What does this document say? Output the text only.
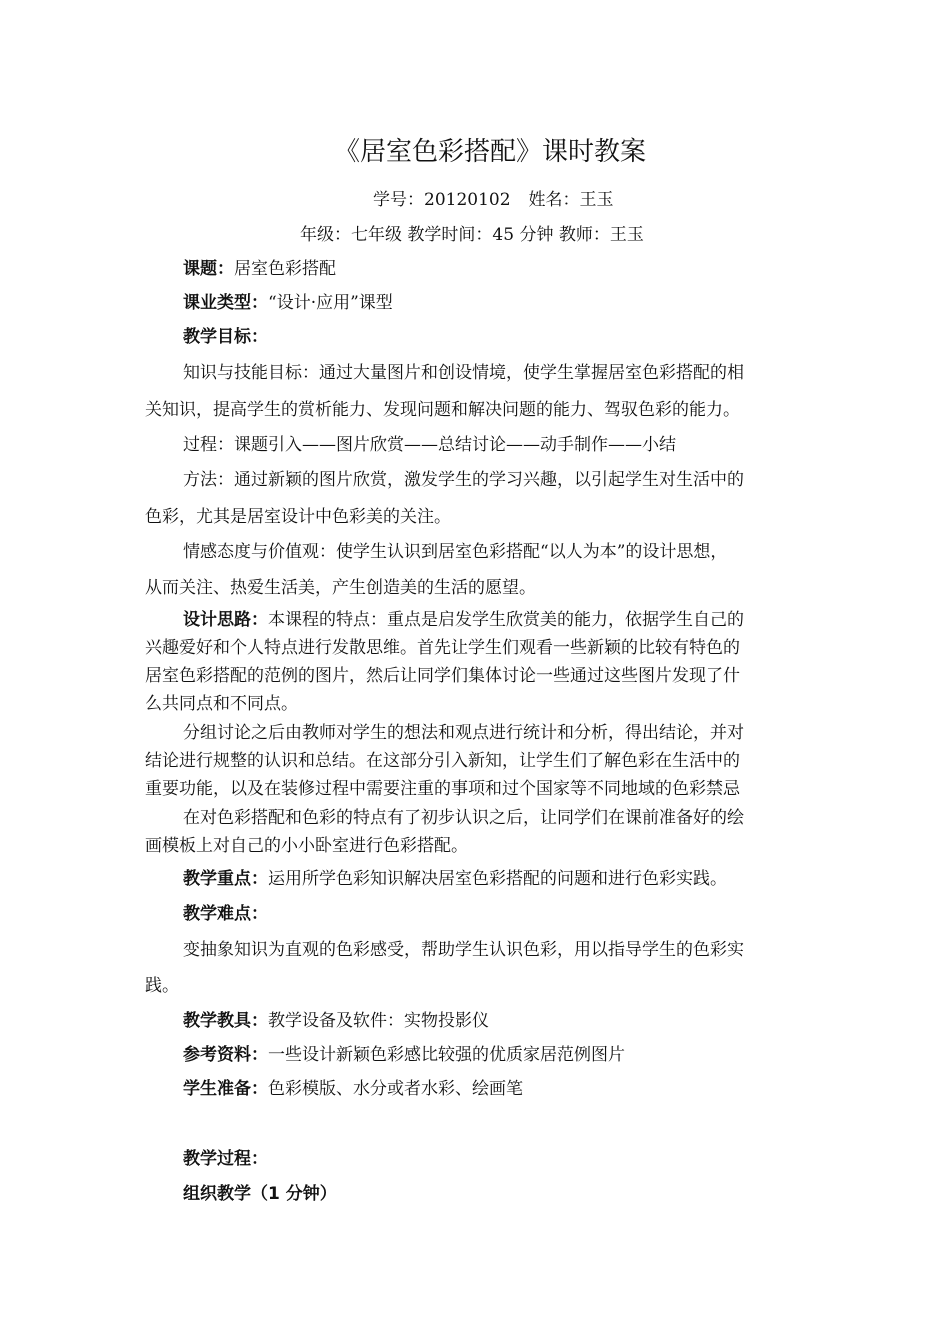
《居室色彩搭配》课时教案
学号：20120102 姓名：王玉
年级：七年级 教学时间：45 分钟 教师：王玉
课题：居室色彩搭配
课业类型：“设计·应用”课型
教学目标：
知识与技能目标：通过大量图片和创设情境，使学生掌握居室色彩搭配的相
关知识，提高学生的赏析能力、发现问题和解决问题的能力、驾驭色彩的能力。
过程：课题引入——图片欣赏——总结讨论——动手制作——小结
方法：通过新颖的图片欣赏，激发学生的学习兴趣，以引起学生对生活中的
色彩，尤其是居室设计中色彩美的关注。
情感态度与价值观：使学生认识到居室色彩搭配“以人为本”的设计思想，
从而关注、热爱生活美，产生创造美的生活的愿望。
设计思路：本课程的特点：重点是启发学生欣赏美的能力，依据学生自己的
兴趣爱好和个人特点进行发散思维。首先让学生们观看一些新颖的比较有特色的
居室色彩搭配的范例的图片，然后让同学们集体讨论一些通过这些图片发现了什
么共同点和不同点。
分组讨论之后由教师对学生的想法和观点进行统计和分析，得出结论，并对
结论进行规整的认识和总结。在这部分引入新知，让学生们了解色彩在生活中的
重要功能，以及在装修过程中需要注重的事项和过个国家等不同地域的色彩禁忌
在对色彩搭配和色彩的特点有了初步认识之后，让同学们在课前准备好的绘
画模板上对自己的小小卧室进行色彩搭配。
教学重点：运用所学色彩知识解决居室色彩搭配的问题和进行色彩实践。
教学难点：
变抽象知识为直观的色彩感受，帮助学生认识色彩，用以指导学生的色彩实
践。
教学教具：教学设备及软件：实物投影仪
参考资料：一些设计新颖色彩感比较强的优质家居范例图片
学生准备：色彩模版、水分或者水彩、绘画笔
教学过程：
组织教学（1 分钟）
